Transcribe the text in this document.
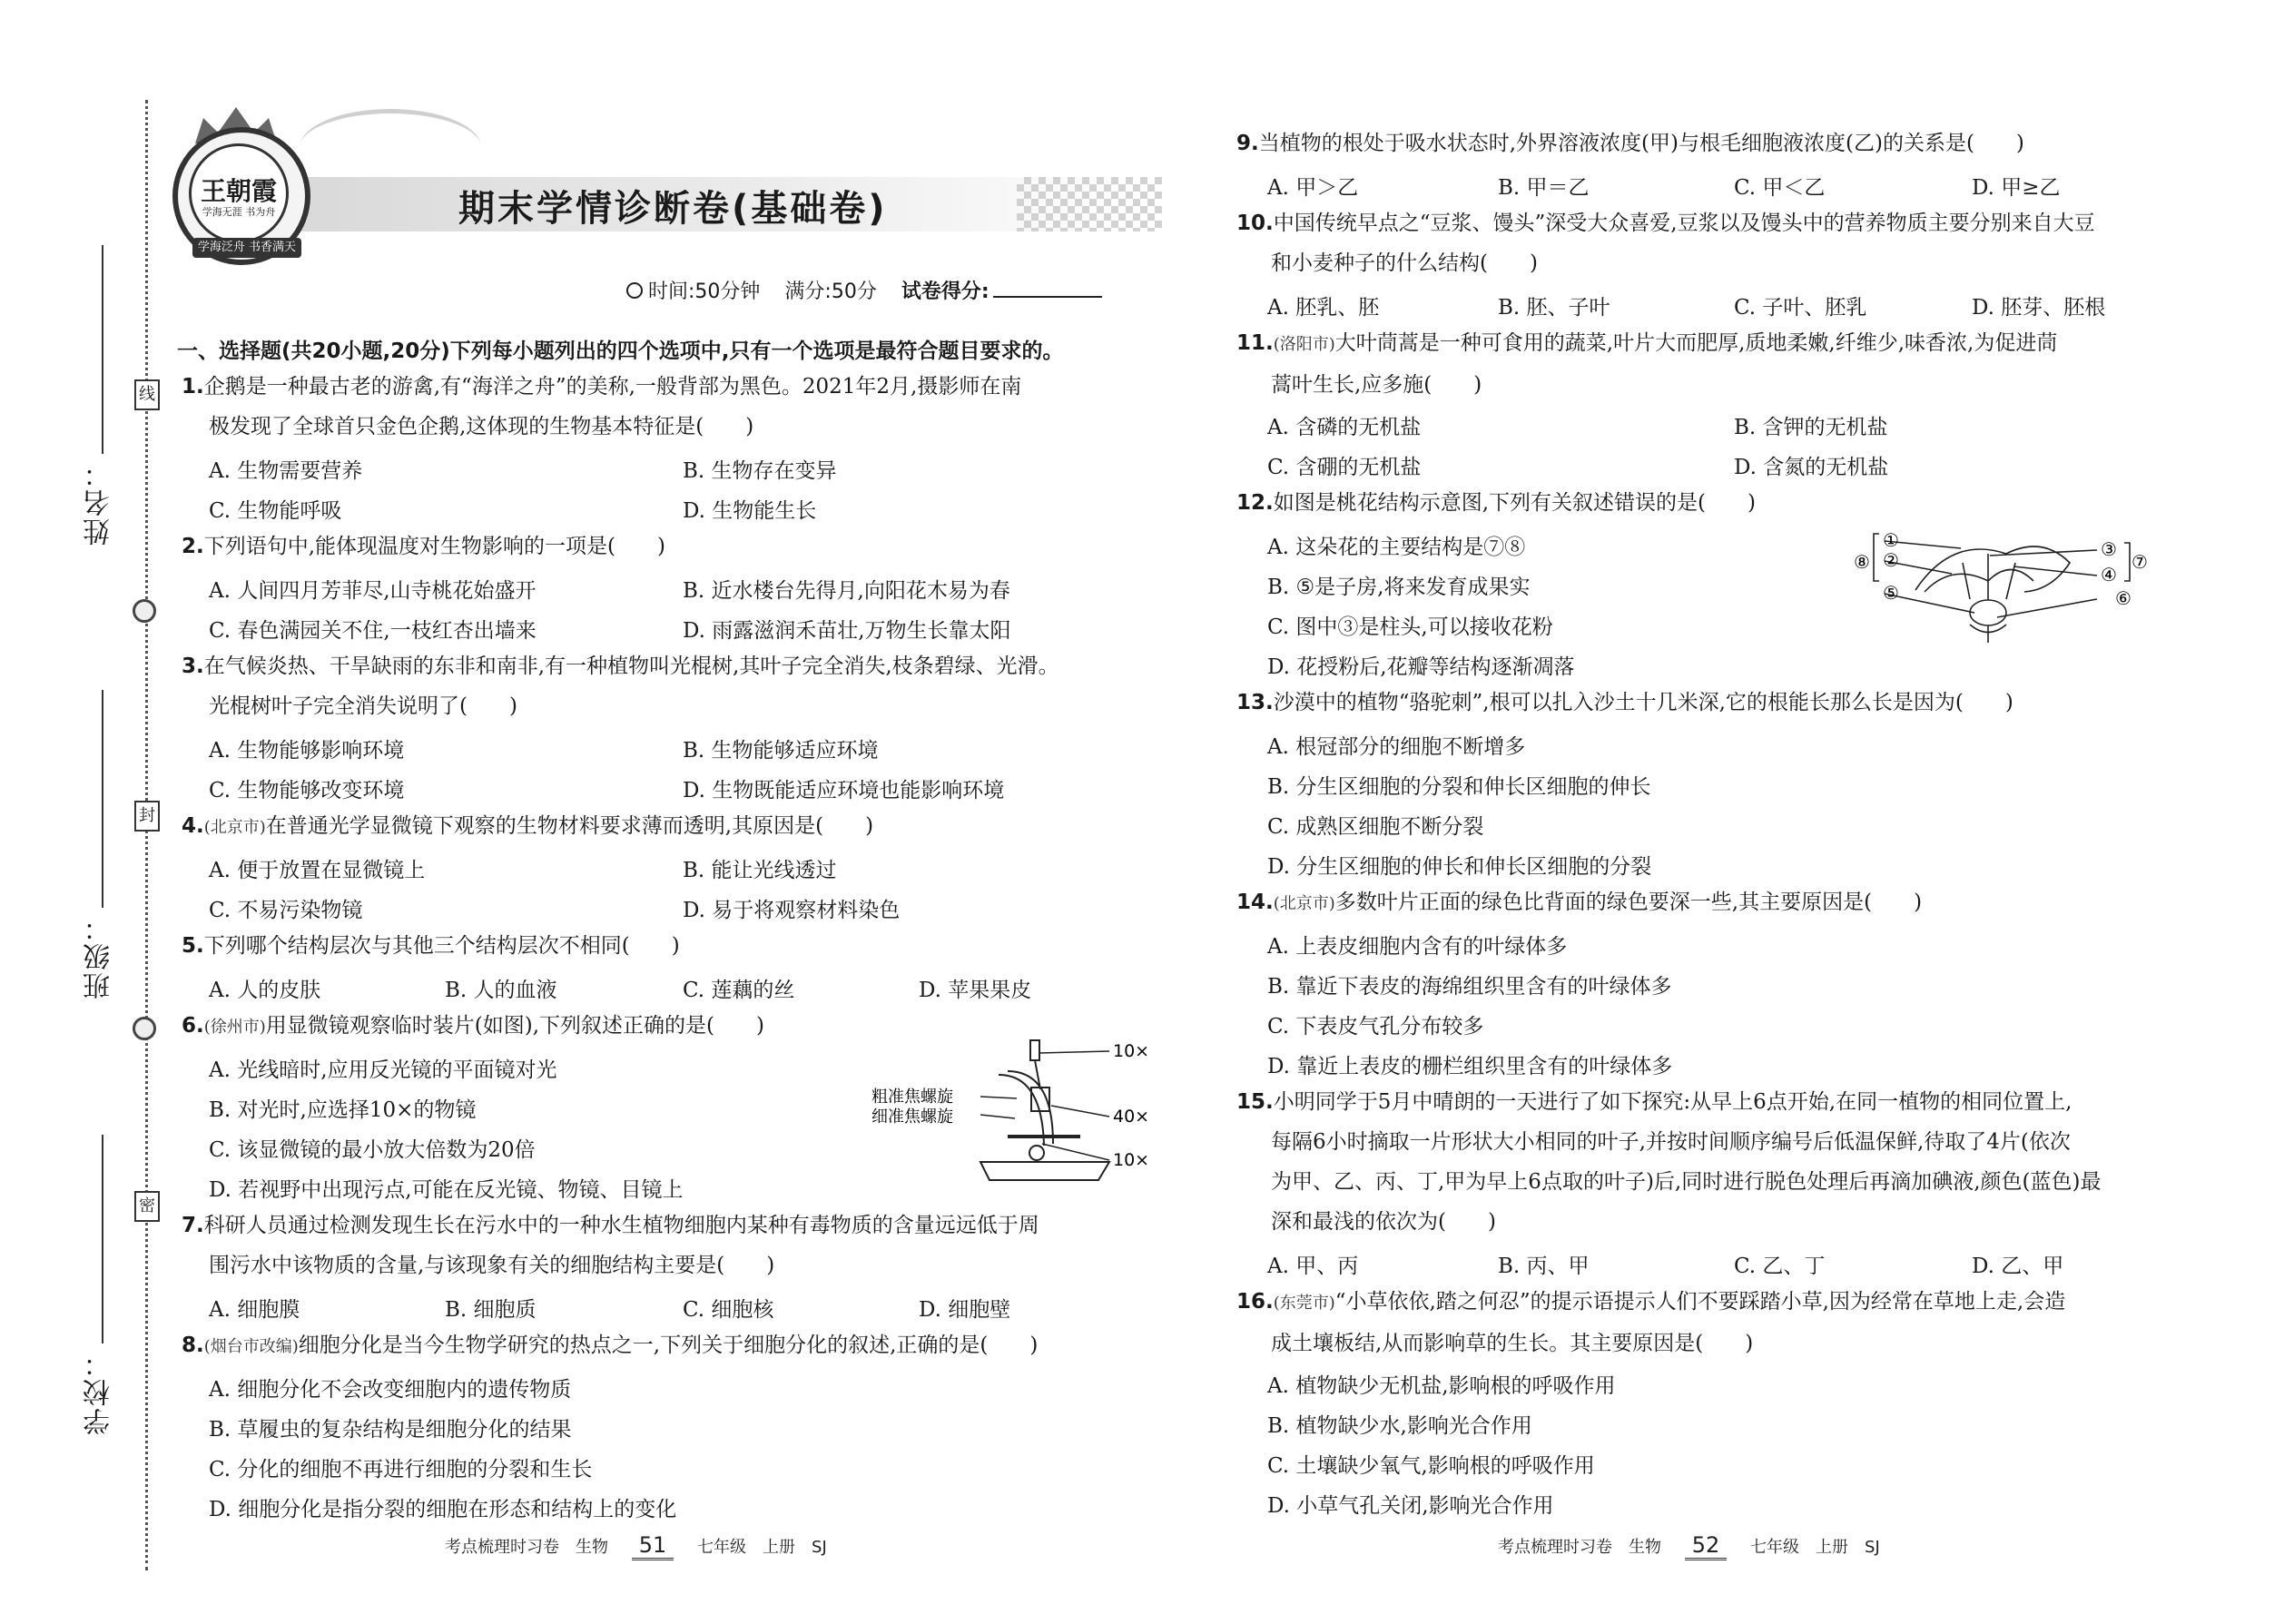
姓名：
班级：
学校：
线
封
密
王朝霞
学海无涯 书为舟
学海泛舟 书香满天
期末学情诊断卷(基础卷)
时间:50分钟 满分:50分 试卷得分:
一、选择题(共20小题,20分)下列每小题列出的四个选项中,只有一个选项是最符合题目要求的。
1.企鹅是一种最古老的游禽,有“海洋之舟”的美称,一般背部为黑色。2021年2月,摄影师在南
极发现了全球首只金色企鹅,这体现的生物基本特征是(　　)
A. 生物需要营养	B. 生物存在变异
C. 生物能呼吸	D. 生物能生长
2.下列语句中,能体现温度对生物影响的一项是(　　)
A. 人间四月芳菲尽,山寺桃花始盛开	B. 近水楼台先得月,向阳花木易为春
C. 春色满园关不住,一枝红杏出墙来	D. 雨露滋润禾苗壮,万物生长靠太阳
3.在气候炎热、干旱缺雨的东非和南非,有一种植物叫光棍树,其叶子完全消失,枝条碧绿、光滑。
光棍树叶子完全消失说明了(　　)
A. 生物能够影响环境	B. 生物能够适应环境
C. 生物能够改变环境	D. 生物既能适应环境也能影响环境
4.(北京市)在普通光学显微镜下观察的生物材料要求薄而透明,其原因是(　　)
A. 便于放置在显微镜上	B. 能让光线透过
C. 不易污染物镜	D. 易于将观察材料染色
5.下列哪个结构层次与其他三个结构层次不相同(　　)
A. 人的皮肤	B. 人的血液	C. 莲藕的丝	D. 苹果果皮
6.(徐州市)用显微镜观察临时装片(如图),下列叙述正确的是(　　)
A. 光线暗时,应用反光镜的平面镜对光
B. 对光时,应选择10×的物镜
C. 该显微镜的最小放大倍数为20倍
D. 若视野中出现污点,可能在反光镜、物镜、目镜上
粗准焦螺旋
细准焦螺旋
10×
40×
10×
7.科研人员通过检测发现生长在污水中的一种水生植物细胞内某种有毒物质的含量远远低于周
围污水中该物质的含量,与该现象有关的细胞结构主要是(　　)
A. 细胞膜	B. 细胞质	C. 细胞核	D. 细胞壁
8.(烟台市改编)细胞分化是当今生物学研究的热点之一,下列关于细胞分化的叙述,正确的是(　　)
A. 细胞分化不会改变细胞内的遗传物质
B. 草履虫的复杂结构是细胞分化的结果
C. 分化的细胞不再进行细胞的分裂和生长
D. 细胞分化是指分裂的细胞在形态和结构上的变化
考点梳理时习卷　 生物 51 七年级　 上册　 SJ
9.当植物的根处于吸水状态时,外界溶液浓度(甲)与根毛细胞液浓度(乙)的关系是(　　)
A. 甲＞乙	B. 甲＝乙	C. 甲＜乙	D. 甲≥乙
10.中国传统早点之“豆浆、馒头”深受大众喜爱,豆浆以及馒头中的营养物质主要分别来自大豆
和小麦种子的什么结构(　　)
A. 胚乳、胚	B. 胚、子叶	C. 子叶、胚乳	D. 胚芽、胚根
11.(洛阳市)大叶茼蒿是一种可食用的蔬菜,叶片大而肥厚,质地柔嫩,纤维少,味香浓,为促进茼
蒿叶生长,应多施(　　)
A. 含磷的无机盐	B. 含钾的无机盐
C. 含硼的无机盐	D. 含氮的无机盐
12.如图是桃花结构示意图,下列有关叙述错误的是(　　)
A. 这朵花的主要结构是⑦⑧
B. ⑤是子房,将来发育成果实
C. 图中③是柱头,可以接收花粉
D. 花授粉后,花瓣等结构逐渐凋落
⑧
①
②
⑤
③
④
⑥
⑦
13.沙漠中的植物“骆驼刺”,根可以扎入沙土十几米深,它的根能长那么长是因为(　　)
A. 根冠部分的细胞不断增多
B. 分生区细胞的分裂和伸长区细胞的伸长
C. 成熟区细胞不断分裂
D. 分生区细胞的伸长和伸长区细胞的分裂
14.(北京市)多数叶片正面的绿色比背面的绿色要深一些,其主要原因是(　　)
A. 上表皮细胞内含有的叶绿体多
B. 靠近下表皮的海绵组织里含有的叶绿体多
C. 下表皮气孔分布较多
D. 靠近上表皮的栅栏组织里含有的叶绿体多
15.小明同学于5月中晴朗的一天进行了如下探究:从早上6点开始,在同一植物的相同位置上,
每隔6小时摘取一片形状大小相同的叶子,并按时间顺序编号后低温保鲜,待取了4片(依次
为甲、乙、丙、丁,甲为早上6点取的叶子)后,同时进行脱色处理后再滴加碘液,颜色(蓝色)最
深和最浅的依次为(　　)
A. 甲、丙	B. 丙、甲	C. 乙、丁	D. 乙、甲
16.(东莞市)“小草依依,踏之何忍”的提示语提示人们不要踩踏小草,因为经常在草地上走,会造
成土壤板结,从而影响草的生长。其主要原因是(　　)
A. 植物缺少无机盐,影响根的呼吸作用
B. 植物缺少水,影响光合作用
C. 土壤缺少氧气,影响根的呼吸作用
D. 小草气孔关闭,影响光合作用
考点梳理时习卷　 生物 52 七年级　 上册　 SJ
